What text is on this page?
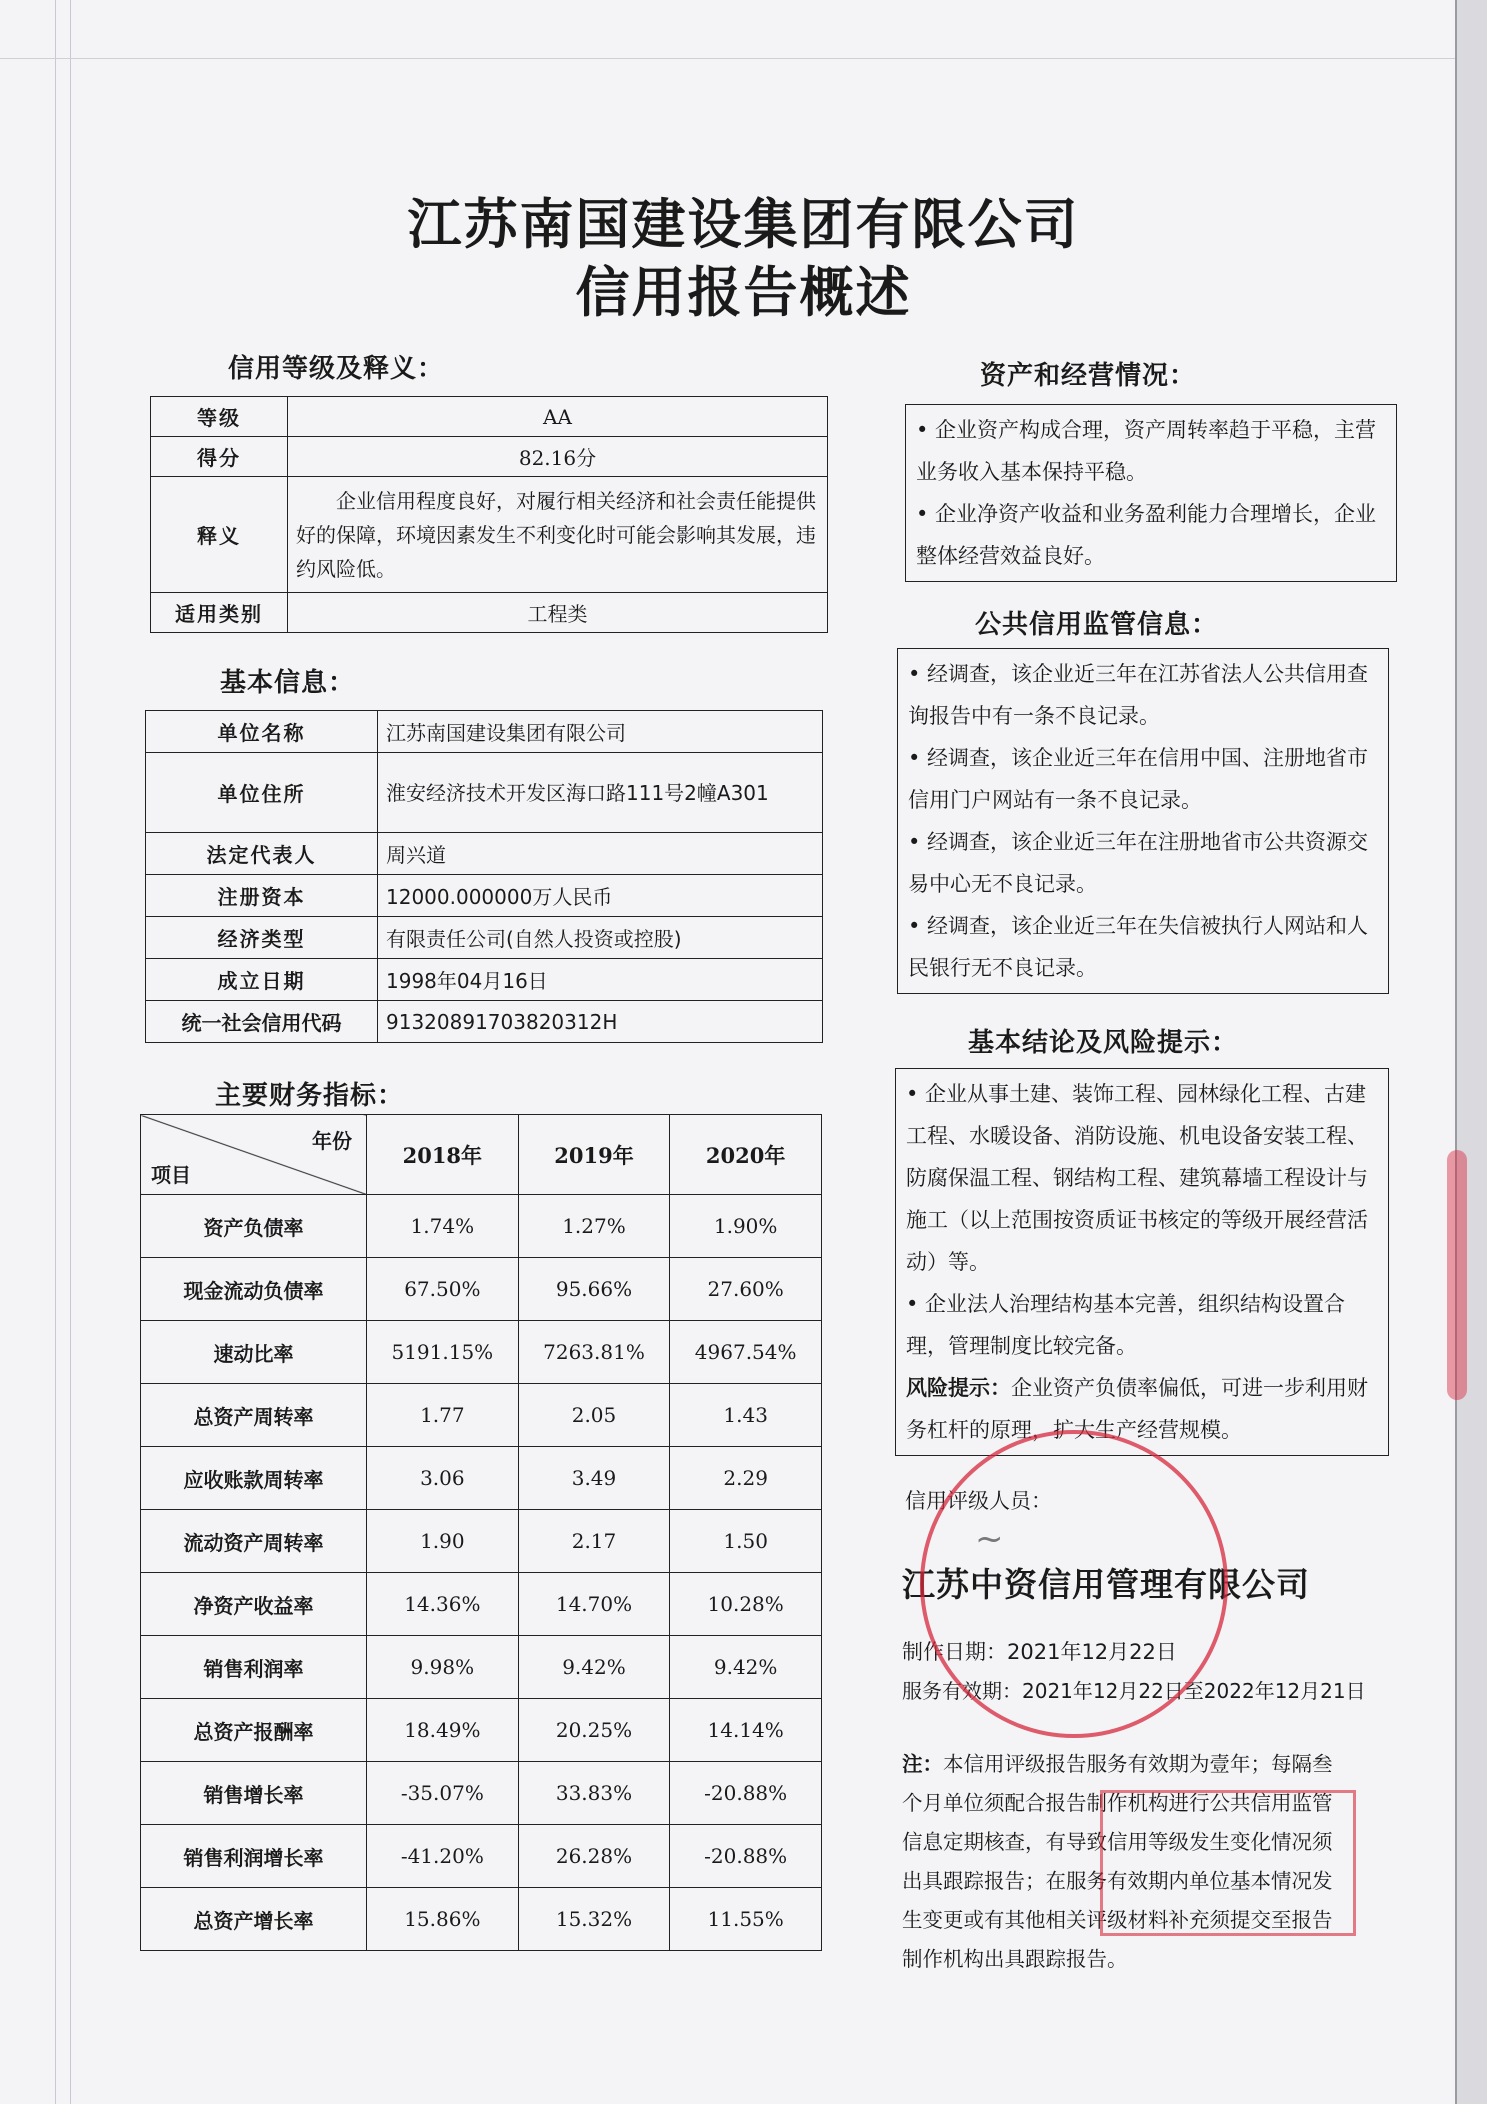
江苏南国建设集团有限公司
信用报告概述
信用等级及释义：
等级	AA
得分	82.16分
释义	企业信用程度良好，对履行相关经济和社会责任能提供好的保障，环境因素发生不利变化时可能会影响其发展，违约风险低。
适用类别	工程类
基本信息：
单位名称	江苏南国建设集团有限公司
单位住所	淮安经济技术开发区海口路111号2幢A301
法定代表人	周兴道
注册资本	12000.000000万人民币
经济类型	有限责任公司(自然人投资或控股)
成立日期	1998年04月16日
统一社会信用代码	91320891703820312H
主要财务指标：
年份
项目	2018年	2019年	2020年
资产负债率	1.74%	1.27%	1.90%
现金流动负债率	67.50%	95.66%	27.60%
速动比率	5191.15%	7263.81%	4967.54%
总资产周转率	1.77	2.05	1.43
应收账款周转率	3.06	3.49	2.29
流动资产周转率	1.90	2.17	1.50
净资产收益率	14.36%	14.70%	10.28%
销售利润率	9.98%	9.42%	9.42%
总资产报酬率	18.49%	20.25%	14.14%
销售增长率	-35.07%	33.83%	-20.88%
销售利润增长率	-41.20%	26.28%	-20.88%
总资产增长率	15.86%	15.32%	11.55%
资产和经营情况：

• 企业资产构成合理，资产周转率趋于平稳，主营业务收入基本保持平稳。

• 企业净资产收益和业务盈利能力合理增长，企业整体经营效益良好。

公共信用监管信息：

• 经调查，该企业近三年在江苏省法人公共信用查询报告中有一条不良记录。

• 经调查，该企业近三年在信用中国、注册地省市信用门户网站有一条不良记录。

• 经调查，该企业近三年在注册地省市公共资源交易中心无不良记录。

• 经调查，该企业近三年在失信被执行人网站和人民银行无不良记录。

基本结论及风险提示：

• 企业从事土建、装饰工程、园林绿化工程、古建工程、水暖设备、消防设施、机电设备安装工程、防腐保温工程、钢结构工程、建筑幕墙工程设计与施工（以上范围按资质证书核定的等级开展经营活动）等。

• 企业法人治理结构基本完善，组织结构设置合理，管理制度比较完备。

风险提示：企业资产负债率偏低，可进一步利用财务杠杆的原理，扩大生产经营规模。

信用评级人员：
~
江苏中资信用管理有限公司
制作日期：2021年12月22日
服务有效期：2021年12月22日至2022年12月21日
注：本信用评级报告服务有效期为壹年；每隔叁个月单位须配合报告制作机构进行公共信用监管信息定期核查，有导致信用等级发生变化情况须出具跟踪报告；在服务有效期内单位基本情况发生变更或有其他相关评级材料补充须提交至报告制作机构出具跟踪报告。
